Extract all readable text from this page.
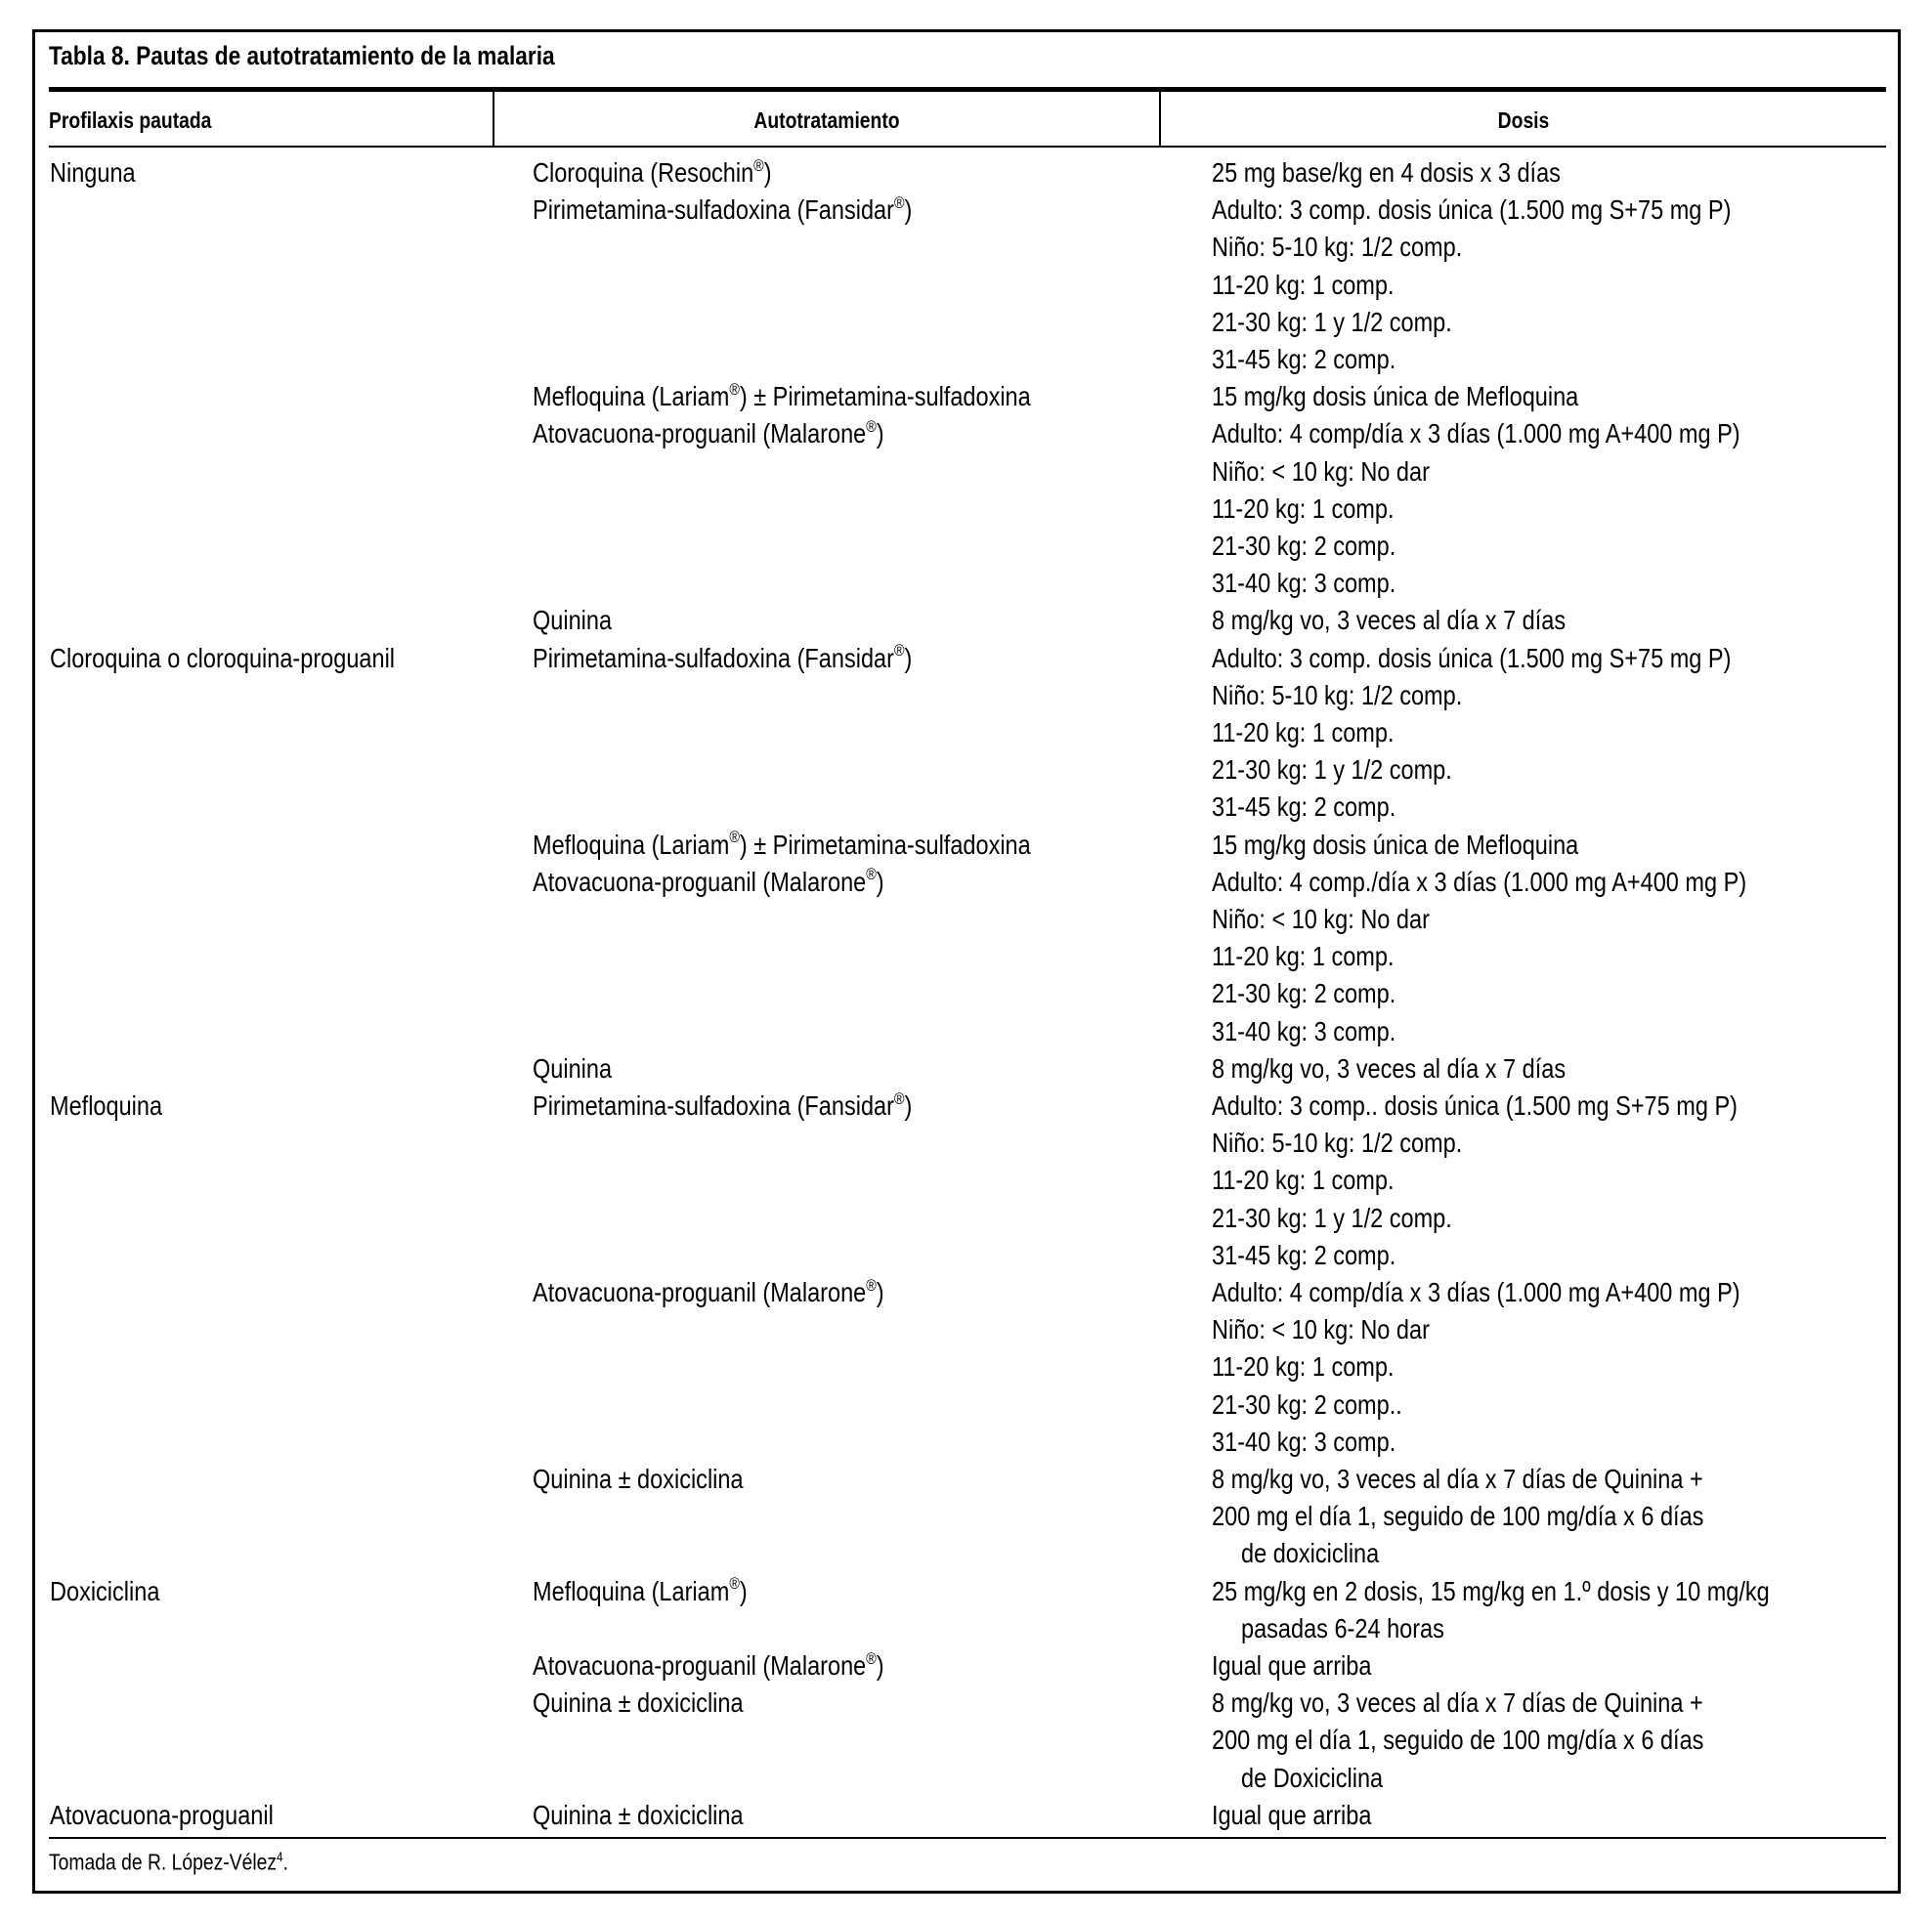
Tabla 8. Pautas de autotratamiento de la malaria
Profilaxis pautada	Autotratamiento	Dosis
Ninguna
Cloroquina o cloroquina-proguanil
Mefloquina
Doxiciclina
Atovacuona-proguanil
Cloroquina (Resochin®)
Pirimetamina-sulfadoxina (Fansidar®)
Mefloquina (Lariam®) ± Pirimetamina-sulfadoxina
Atovacuona-proguanil (Malarone®)
Quinina
Pirimetamina-sulfadoxina (Fansidar®)
Mefloquina (Lariam®) ± Pirimetamina-sulfadoxina
Atovacuona-proguanil (Malarone®)
Quinina
Pirimetamina-sulfadoxina (Fansidar®)
Atovacuona-proguanil (Malarone®)
Quinina ± doxiciclina
Mefloquina (Lariam®)
Atovacuona-proguanil (Malarone®)
Quinina ± doxiciclina
Quinina ± doxiciclina
25 mg base/kg en 4 dosis x 3 días
Adulto: 3 comp. dosis única (1.500 mg S+75 mg P)
Niño: 5-10 kg: 1/2 comp.
11-20 kg: 1 comp.
21-30 kg: 1 y 1/2 comp.
31-45 kg: 2 comp.
15 mg/kg dosis única de Mefloquina
Adulto: 4 comp/día x 3 días (1.000 mg A+400 mg P)
Niño: < 10 kg: No dar
11-20 kg: 1 comp.
21-30 kg: 2 comp.
31-40 kg: 3 comp.
8 mg/kg vo, 3 veces al día x 7 días
Adulto: 3 comp. dosis única (1.500 mg S+75 mg P)
Niño: 5-10 kg: 1/2 comp.
11-20 kg: 1 comp.
21-30 kg: 1 y 1/2 comp.
31-45 kg: 2 comp.
15 mg/kg dosis única de Mefloquina
Adulto: 4 comp./día x 3 días (1.000 mg A+400 mg P)
Niño: < 10 kg: No dar
11-20 kg: 1 comp.
21-30 kg: 2 comp.
31-40 kg: 3 comp.
8 mg/kg vo, 3 veces al día x 7 días
Adulto: 3 comp.. dosis única (1.500 mg S+75 mg P)
Niño: 5-10 kg: 1/2 comp.
11-20 kg: 1 comp.
21-30 kg: 1 y 1/2 comp.
31-45 kg: 2 comp.
Adulto: 4 comp/día x 3 días (1.000 mg A+400 mg P)
Niño: < 10 kg: No dar
11-20 kg: 1 comp.
21-30 kg: 2 comp..
31-40 kg: 3 comp.
8 mg/kg vo, 3 veces al día x 7 días de Quinina +
200 mg el día 1, seguido de 100 mg/día x 6 días
de doxiciclina
25 mg/kg en 2 dosis, 15 mg/kg en 1.º dosis y 10 mg/kg
pasadas 6-24 horas
Igual que arriba
8 mg/kg vo, 3 veces al día x 7 días de Quinina +
200 mg el día 1, seguido de 100 mg/día x 6 días
de Doxiciclina
Igual que arriba
Tomada de R. López-Vélez$^4$.
